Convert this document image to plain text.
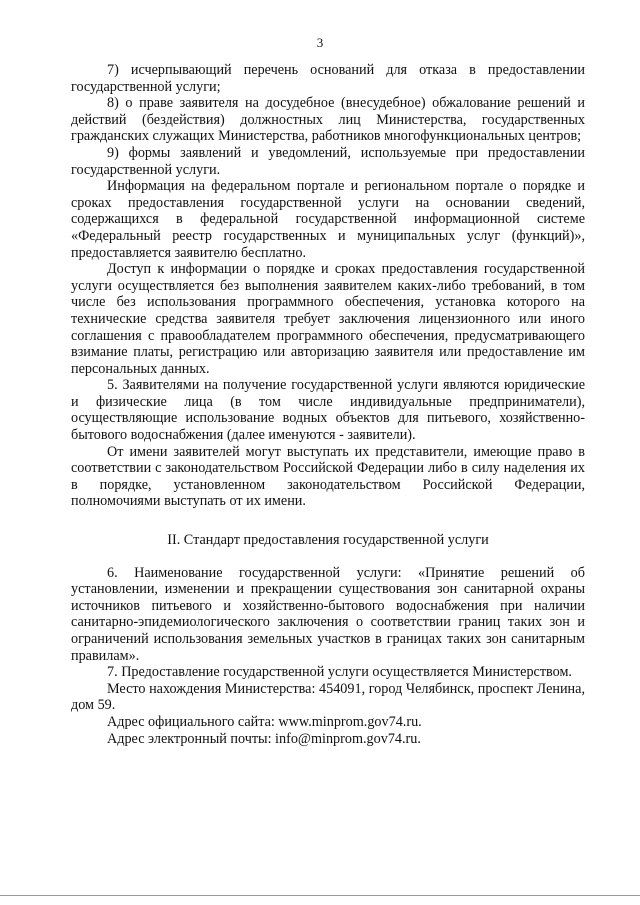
3

7) исчерпывающий перечень оснований для отказа в предоставлении государственной услуги;

8) о праве заявителя на досудебное (внесудебное) обжалование решений и действий (бездействия) должностных лиц Министерства, государственных гражданских служащих Министерства, работников многофункциональных центров;

9) формы заявлений и уведомлений, используемые при предоставлении государственной услуги.

Информация на федеральном портале и региональном портале о порядке и сроках предоставления государственной услуги на основании сведений, содержащихся в федеральной государственной информационной системе «Федеральный реестр государственных и муниципальных услуг (функций)», предоставляется заявителю бесплатно.

Доступ к информации о порядке и сроках предоставления государственной услуги осуществляется без выполнения заявителем каких-либо требований, в том числе без использования программного обеспечения, установка которого на технические средства заявителя требует заключения лицензионного или иного соглашения с правообладателем программного обеспечения, предусматривающего взимание платы, регистрацию или авторизацию заявителя или предоставление им персональных данных.

5. Заявителями на получение государственной услуги являются юридические и физические лица (в том числе индивидуальные предприниматели), осуществляющие использование водных объектов для питьевого, хозяйственно-бытового водоснабжения (далее именуются - заявители).

От имени заявителей могут выступать их представители, имеющие право в соответствии с законодательством Российской Федерации либо в силу наделения их в порядке, установленном законодательством Российской Федерации, полномочиями выступать от их имени.

II. Стандарт предоставления государственной услуги

6. Наименование государственной услуги: «Принятие решений об установлении, изменении и прекращении существования зон санитарной охраны источников питьевого и хозяйственно-бытового водоснабжения при наличии санитарно-эпидемиологического заключения о соответствии границ таких зон и ограничений использования земельных участков в границах таких зон санитарным правилам».

7. Предоставление государственной услуги осуществляется Министерством.

Место нахождения Министерства: 454091, город Челябинск, проспект Ленина, дом 59.

Адрес официального сайта: www.minprom.gov74.ru.

Адрес электронный почты: info@minprom.gov74.ru.
